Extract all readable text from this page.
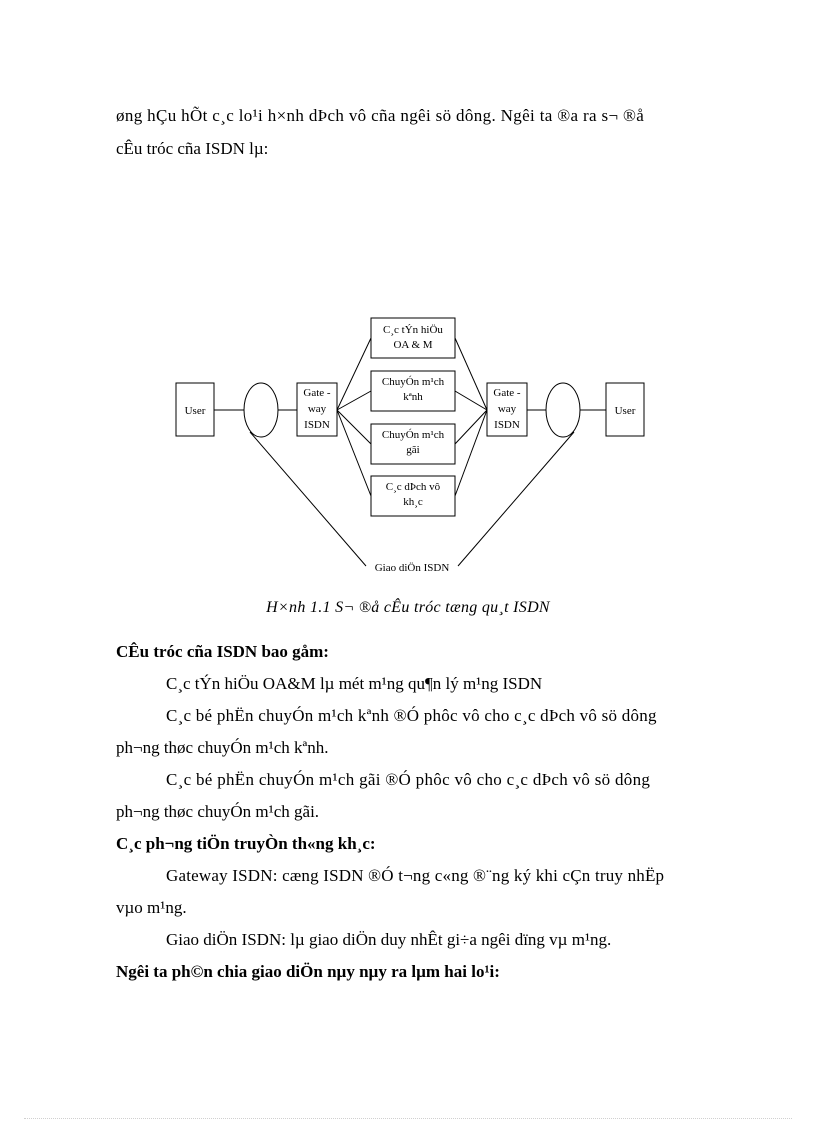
øng hÇu hÕt c¸c lo¹i h×nh dÞch vô cña ngêi sö dông. Ngêi ta ®a ra s¬ ®å
cÊu tróc cña ISDN lµ:
User	User
Gate -
way
ISDN
Gate -
way
ISDN
C¸c tÝn hiÖu
OA & M
ChuyÓn m¹ch
kªnh
ChuyÓn m¹ch
gãi
C¸c dÞch vô
kh¸c
Giao diÖn ISDN
H×nh 1.1 S¬ ®å cÊu tróc tæng qu¸t ISDN
CÊu tróc cña ISDN bao gåm:
C¸c tÝn hiÖu OA&M lµ mét m¹ng qu¶n lý m¹ng ISDN
C¸c bé phËn chuyÓn m¹ch kªnh ®Ó phôc vô cho c¸c dÞch vô sö dông
ph¬ng thøc chuyÓn m¹ch kªnh.
C¸c bé phËn chuyÓn m¹ch gãi ®Ó phôc vô cho c¸c dÞch vô sö dông
ph¬ng thøc chuyÓn m¹ch gãi.
C¸c ph¬ng tiÖn truyÒn th«ng kh¸c:
Gateway ISDN: cæng ISDN ®Ó t¬ng c«ng ®¨ng ký khi cÇn truy nhËp
vµo m¹ng.
Giao diÖn ISDN: lµ giao diÖn duy nhÊt gi÷a ngêi dïng vµ m¹ng.
Ngêi ta ph©n chia giao diÖn nµy nµy ra lµm hai lo¹i:
